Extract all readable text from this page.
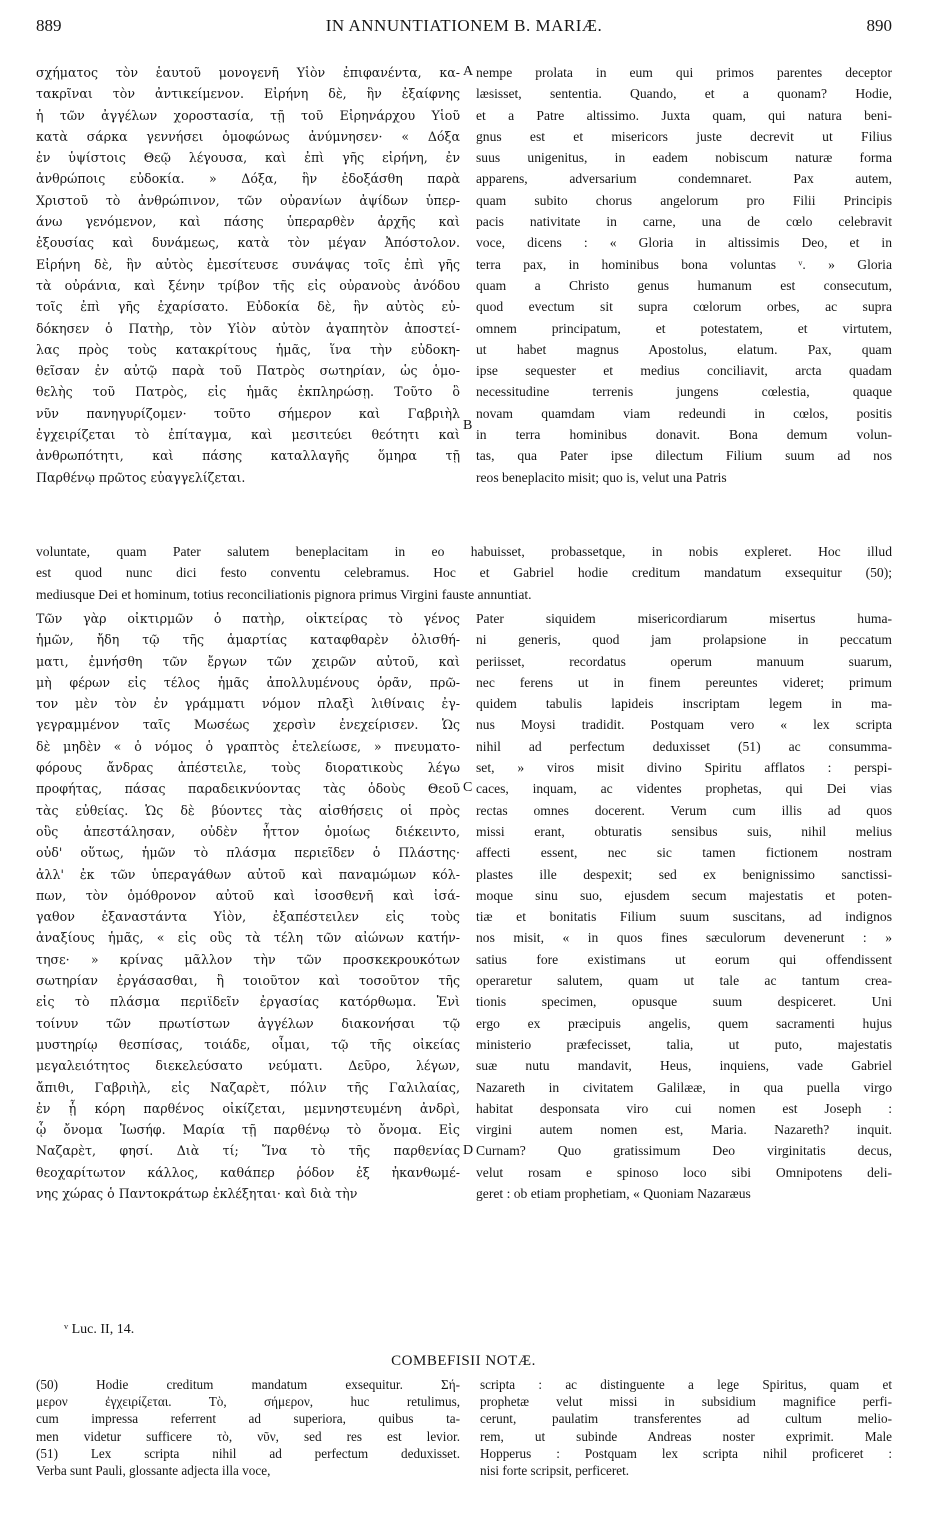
889	IN ANNUNTIATIONEM B. MARIÆ.	890
A
B
C
D
σχήματος τὸν ἑαυτοῦ μονογενῆ Υἱὸν ἐπιφανέντα, κα-
τακρῖναι τὸν ἀντικείμενον. Εἰρήνη δὲ, ἣν ἐξαίφνης
ἡ τῶν ἀγγέλων χοροστασία, τῇ τοῦ Εἰρηνάρχου Υἱοῦ
κατὰ σάρκα γεννήσει ὁμοφώνως ἀνύμνησεν· « Δόξα
ἐν ὑψίστοις Θεῷ λέγουσα, καὶ ἐπὶ γῆς εἰρήνη, ἐν
ἀνθρώποις εὐδοκία. » Δόξα, ἣν ἐδοξάσθη παρὰ
Χριστοῦ τὸ ἀνθρώπινον, τῶν οὐρανίων ἀψίδων ὑπερ-
άνω γενόμενον, καὶ πάσης ὑπεραρθὲν ἀρχῆς καὶ
ἐξουσίας καὶ δυνάμεως, κατὰ τὸν μέγαν Ἀπόστολον.
Εἰρήνη δὲ, ἣν αὐτὸς ἐμεσίτευσε συνάψας τοῖς ἐπὶ γῆς
τὰ οὐράνια, καὶ ξένην τρίβον τῆς εἰς οὐρανοὺς ἀνόδου
τοῖς ἐπὶ γῆς ἐχαρίσατο. Εὐδοκία δὲ, ἣν αὐτὸς εὐ-
δόκησεν ὁ Πατὴρ, τὸν Υἱὸν αὐτὸν ἀγαπητὸν ἀποστεί-
λας πρὸς τοὺς κατακρίτους ἡμᾶς, ἵνα τὴν εὐδοκη-
θεῖσαν ἐν αὐτῷ παρὰ τοῦ Πατρὸς σωτηρίαν, ὡς ὁμο-
θελὴς τοῦ Πατρὸς, εἰς ἡμᾶς ἐκπληρώσῃ. Τοῦτο ὃ
νῦν πανηγυρίζομεν· τοῦτο σήμερον καὶ Γαβριὴλ
ἐγχειρίζεται τὸ ἐπίταγμα, καὶ μεσιτεύει θεότητι καὶ
ἀνθρωπότητι, καὶ πάσης καταλλαγῆς ὅμηρα τῇ
Παρθένῳ πρῶτος εὐαγγελίζεται.
nempe prolata in eum qui primos parentes deceptor
læsisset, sententia. Quando, et a quonam? Hodie,
et a Patre altissimo. Juxta quam, qui natura beni-
gnus est et misericors juste decrevit ut Filius
suus unigenitus, in eadem nobiscum naturæ forma
apparens, adversarium condemnaret. Pax autem,
quam subito chorus angelorum pro Filii Principis
pacis nativitate in carne, una de cœlo celebravit
voce, dicens : « Gloria in altissimis Deo, et in
terra pax, in hominibus bona voluntas ᵛ. » Gloria
quam a Christo genus humanum est consecutum,
quod evectum sit supra cœlorum orbes, ac supra
omnem principatum, et potestatem, et virtutem,
ut habet magnus Apostolus, elatum. Pax, quam
ipse sequester et medius conciliavit, arcta quadam
necessitudine terrenis jungens cœlestia, quaque
novam quamdam viam redeundi in cœlos, positis
in terra hominibus donavit. Bona demum volun-
tas, qua Pater ipse dilectum Filium suum ad nos
reos beneplacito misit; quo is, velut una Patris
voluntate, quam Pater salutem beneplacitam in eo habuisset, probassetque, in nobis expleret. Hoc illud
est quod nunc dici festo conventu celebramus. Hoc et Gabriel hodie creditum mandatum exsequitur (50);
mediusque Dei et hominum, totius reconciliationis pignora primus Virgini fauste annuntiat.
Τῶν γὰρ οἰκτιρμῶν ὁ πατὴρ, οἰκτείρας τὸ γένος
ἡμῶν, ἤδη τῷ τῆς ἁμαρτίας καταφθαρὲν ὀλισθή-
ματι, ἐμνήσθη τῶν ἔργων τῶν χειρῶν αὐτοῦ, καὶ
μὴ φέρων εἰς τέλος ἡμᾶς ἀπολλυμένους ὁρᾶν, πρῶ-
τον μὲν τὸν ἐν γράμματι νόμον πλαξὶ λιθίναις ἐγ-
γεγραμμένον ταῖς Μωσέως χερσὶν ἐνεχείρισεν. Ὡς
δὲ μηδὲν « ὁ νόμος ὁ γραπτὸς ἐτελείωσε, » πνευματο-
φόρους ἄνδρας ἀπέστειλε, τοὺς διορατικοὺς λέγω
προφήτας, πάσας παραδεικνύοντας τὰς ὁδοὺς Θεοῦ
τὰς εὐθείας. Ὡς δὲ βύοντες τὰς αἰσθήσεις οἱ πρὸς
οὓς ἀπεστάλησαν, οὐδὲν ἧττον ὁμοίως διέκειντο,
οὐδ' οὕτως, ἡμῶν τὸ πλάσμα περιεῖδεν ὁ Πλάστης·
ἀλλ' ἐκ τῶν ὑπεραγάθων αὐτοῦ καὶ παναμώμων κόλ-
πων, τὸν ὁμόθρονον αὐτοῦ καὶ ἰσοσθενῆ καὶ ἰσά-
γαθον ἐξαναστάντα Υἱὸν, ἐξαπέστειλεν εἰς τοὺς
ἀναξίους ἡμᾶς, « εἰς οὓς τὰ τέλη τῶν αἰώνων κατήν-
τησε· » κρίνας μᾶλλον τὴν τῶν προσκεκρουκότων
σωτηρίαν ἐργάσασθαι, ἢ τοιοῦτον καὶ τοσοῦτον τῆς
εἰς τὸ πλάσμα περιϊδεῖν ἐργασίας κατόρθωμα. Ἑνὶ
τοίνυν τῶν πρωτίστων ἀγγέλων διακονήσαι τῷ
μυστηρίῳ θεσπίσας, τοιάδε, οἶμαι, τῷ τῆς οἰκείας
μεγαλειότητος διεκελεύσατο νεύματι. Δεῦρο, λέγων,
ἄπιθι, Γαβριὴλ, εἰς Ναζαρὲτ, πόλιν τῆς Γαλιλαίας,
ἐν ᾗ κόρη παρθένος οἰκίζεται, μεμνηστευμένη ἀνδρὶ,
ᾧ ὄνομα Ἰωσήφ. Μαρία τῇ παρθένῳ τὸ ὄνομα. Εἰς
Ναζαρὲτ, φησί. Διὰ τί; Ἵνα τὸ τῆς παρθενίας
θεοχαρίτωτον κάλλος, καθάπερ ῥόδον ἐξ ἠκανθωμέ-
νης χώρας ὁ Παντοκράτωρ ἐκλέξηται· καὶ διὰ τὴν
Pater siquidem misericordiarum misertus huma-
ni generis, quod jam prolapsione in peccatum
periisset, recordatus operum manuum suarum,
nec ferens ut in finem pereuntes videret; primum
quidem tabulis lapideis inscriptam legem in ma-
nus Moysi tradidit. Postquam vero « lex scripta
nihil ad perfectum deduxisset (51) ac consumma-
set, » viros misit divino Spiritu afflatos : perspi-
caces, inquam, ac videntes prophetas, qui Dei vias
rectas omnes docerent. Verum cum illis ad quos
missi erant, obturatis sensibus suis, nihil melius
affecti essent, nec sic tamen fictionem nostram
plastes ille despexit; sed ex benignissimo sanctissi-
moque sinu suo, ejusdem secum majestatis et poten-
tiæ et bonitatis Filium suum suscitans, ad indignos
nos misit, « in quos fines sæculorum devenerunt : »
satius fore existimans ut eorum qui offendissent
operaretur salutem, quam ut tale ac tantum crea-
tionis specimen, opusque suum despiceret. Uni
ergo ex præcipuis angelis, quem sacramenti hujus
ministerio præfecisset, talia, ut puto, majestatis
suæ nutu mandavit, Heus, inquiens, vade Gabriel
Nazareth in civitatem Galilææ, in qua puella virgo
habitat desponsata viro cui nomen est Joseph :
virgini autem nomen est, Maria. Nazareth? inquit.
Curnam? Quo gratissimum Deo virginitatis decus,
velut rosam e spinoso loco sibi Omnipotens deli-
geret : ob etiam prophetiam, « Quoniam Nazaræus
ᵛ Luc. II, 14.
COMBEFISII NOTÆ.
(50) Hodie creditum mandatum exsequitur. Σή-
μερον ἐγχειρίζεται. Τὸ, σήμερον, huc retulimus,
cum impressa referrent ad superiora, quibus ta-
men videtur sufficere τὸ, νῦν, sed res est levior.
(51) Lex scripta nihil ad perfectum deduxisset.
Verba sunt Pauli, glossante adjecta illa voce,
scripta : ac distinguente a lege Spiritus, quam et
prophetæ velut missi in subsidium magnifice perfi-
cerunt, paulatim transferentes ad cultum melio-
rem, ut subinde Andreas noster exprimit. Male
Hopperus : Postquam lex scripta nihil proficeret :
nisi forte scripsit, perficeret.
